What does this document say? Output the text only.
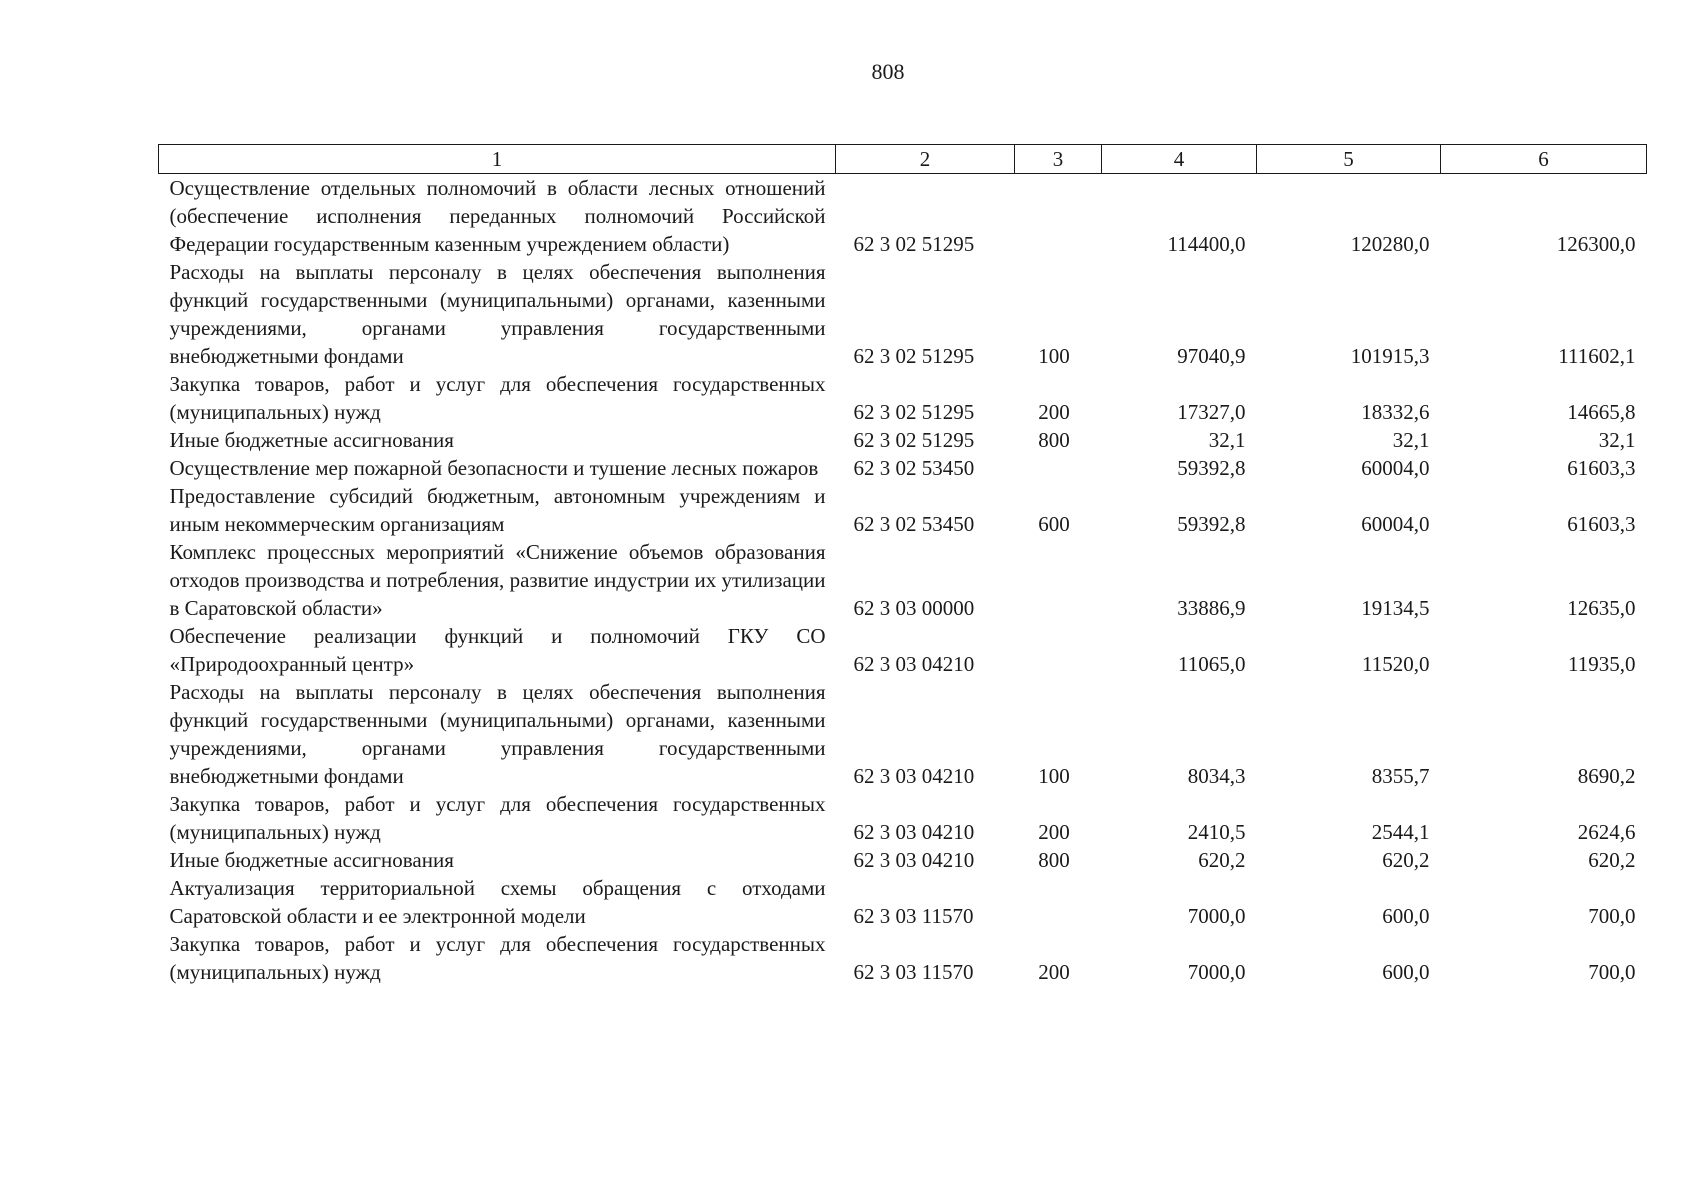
808
1	2	3	4	5	6
Осуществление отдельных полномочий в области лесных отношений (обеспечение исполнения переданных полномочий Российской Федерации государственным казенным учреждением области)	62 3 02 51295		114400,0	120280,0	126300,0
Расходы на выплаты персоналу в целях обеспечения выполнения функций государственными (муниципальными) органами, казенными учреждениями, органами управления государственными внебюджетными фондами	62 3 02 51295	100	97040,9	101915,3	111602,1
Закупка товаров, работ и услуг для обеспечения государственных (муниципальных) нужд	62 3 02 51295	200	17327,0	18332,6	14665,8
Иные бюджетные ассигнования	62 3 02 51295	800	32,1	32,1	32,1
Осуществление мер пожарной безопасности и тушение лесных пожаров	62 3 02 53450		59392,8	60004,0	61603,3
Предоставление субсидий бюджетным, автономным учреждениям и иным некоммерческим организациям	62 3 02 53450	600	59392,8	60004,0	61603,3
Комплекс процессных мероприятий «Снижение объемов образования отходов производства и потребления, развитие индустрии их утилизации в Саратовской области»	62 3 03 00000		33886,9	19134,5	12635,0
Обеспечение реализации функций и полномочий ГКУ СО «Природоохранный центр»	62 3 03 04210		11065,0	11520,0	11935,0
Расходы на выплаты персоналу в целях обеспечения выполнения функций государственными (муниципальными) органами, казенными учреждениями, органами управления государственными внебюджетными фондами	62 3 03 04210	100	8034,3	8355,7	8690,2
Закупка товаров, работ и услуг для обеспечения государственных (муниципальных) нужд	62 3 03 04210	200	2410,5	2544,1	2624,6
Иные бюджетные ассигнования	62 3 03 04210	800	620,2	620,2	620,2
Актуализация территориальной схемы обращения с отходами Саратовской области и ее электронной модели	62 3 03 11570		7000,0	600,0	700,0
Закупка товаров, работ и услуг для обеспечения государственных (муниципальных) нужд	62 3 03 11570	200	7000,0	600,0	700,0
